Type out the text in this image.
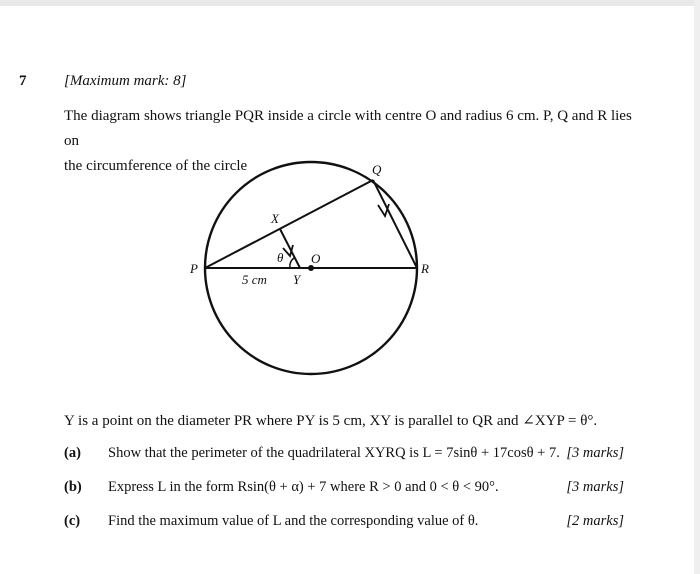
7	[Maximum mark: 8]
The diagram shows triangle PQR inside a circle with centre O and radius 6 cm. P, Q and R lies on
the circumference of the circle
P
Q
R
O
X
Y
θ
5 cm
Y is a point on the diameter PR where PY is 5 cm, XY is parallel to QR and ∠XYP = θ°.
(a) Show that the perimeter of the quadrilateral XYRQ is L = 7sinθ + 17cosθ + 7. [3 marks]
(b) Express L in the form Rsin(θ + α) + 7 where R > 0 and 0 < θ < 90°.	[3 marks]
(c) Find the maximum value of L and the corresponding value of θ.	[2 marks]
